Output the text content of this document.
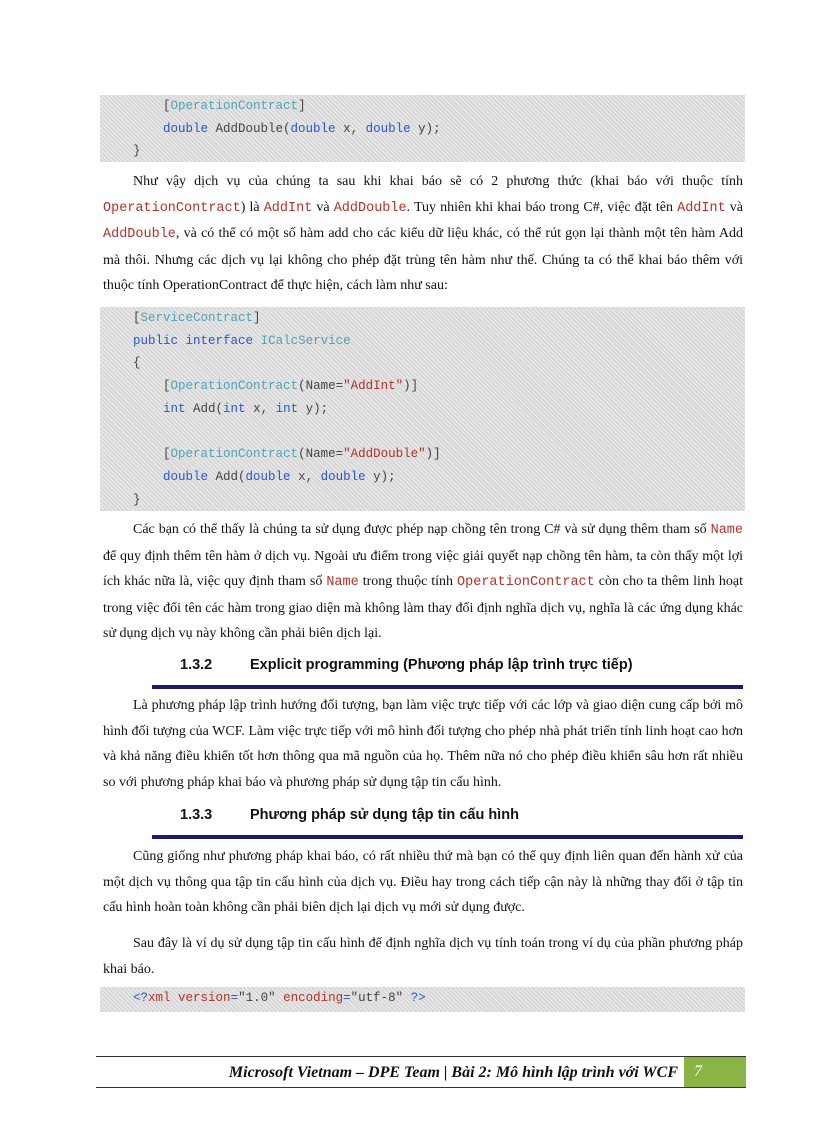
[OperationContract]
double AddDouble(double x, double y);
}

Như vậy dịch vụ của chúng ta sau khi khai báo sẽ có 2 phương thức (khai báo với thuộc tính OperationContract) là AddInt và AddDouble. Tuy nhiên khi khai báo trong C#, việc đặt tên AddInt và AddDouble, và có thể có một số hàm add cho các kiểu dữ liệu khác, có thể rút gọn lại thành một tên hàm Add mà thôi. Nhưng các dịch vụ lại không cho phép đặt trùng tên hàm như thế. Chúng ta có thể khai báo thêm với thuộc tính OperationContract để thực hiện, cách làm như sau:

[ServiceContract]
public interface ICalcService
{
[OperationContract(Name="AddInt")]
int Add(int x, int y);
[OperationContract(Name="AddDouble")]
double Add(double x, double y);
}

Các bạn có thể thấy là chúng ta sử dụng được phép nạp chồng tên trong C# và sử dụng thêm tham số Name để quy định thêm tên hàm ở dịch vụ. Ngoài ưu điểm trong việc giải quyết nạp chồng tên hàm, ta còn thấy một lợi ích khác nữa là, việc quy định tham số Name trong thuộc tính OperationContract còn cho ta thêm linh hoạt trong việc đổi tên các hàm trong giao diện mà không làm thay đổi định nghĩa dịch vụ, nghĩa là các ứng dụng khác sử dụng dịch vụ này không cần phải biên dịch lại.

1.3.2	Explicit programming (Phương pháp lập trình trực tiếp)

Là phương pháp lập trình hướng đối tượng, bạn làm việc trực tiếp với các lớp và giao diện cung cấp bởi mô hình đối tượng của WCF. Làm việc trực tiếp với mô hình đối tượng cho phép nhà phát triển tính linh hoạt cao hơn và khả năng điều khiển tốt hơn thông qua mã nguồn của họ. Thêm nữa nó cho phép điều khiển sâu hơn rất nhiều so với phương pháp khai báo và phương pháp sử dụng tập tin cấu hình.

1.3.3	Phương pháp sử dụng tập tin cấu hình

Cũng giống như phương pháp khai báo, có rất nhiều thứ mà bạn có thể quy định liên quan đến hành xử của một dịch vụ thông qua tập tin cấu hình của dịch vụ. Điều hay trong cách tiếp cận này là những thay đổi ở tập tin cấu hình hoàn toàn không cần phải biên dịch lại dịch vụ mới sử dụng được.

Sau đây là ví dụ sử dụng tập tin cấu hình để định nghĩa dịch vụ tính toán trong ví dụ của phần phương pháp khai báo.

<?xml version="1.0" encoding="utf-8" ?>
Microsoft Vietnam – DPE Team | Bài 2: Mô hình lập trình với WCF	7
